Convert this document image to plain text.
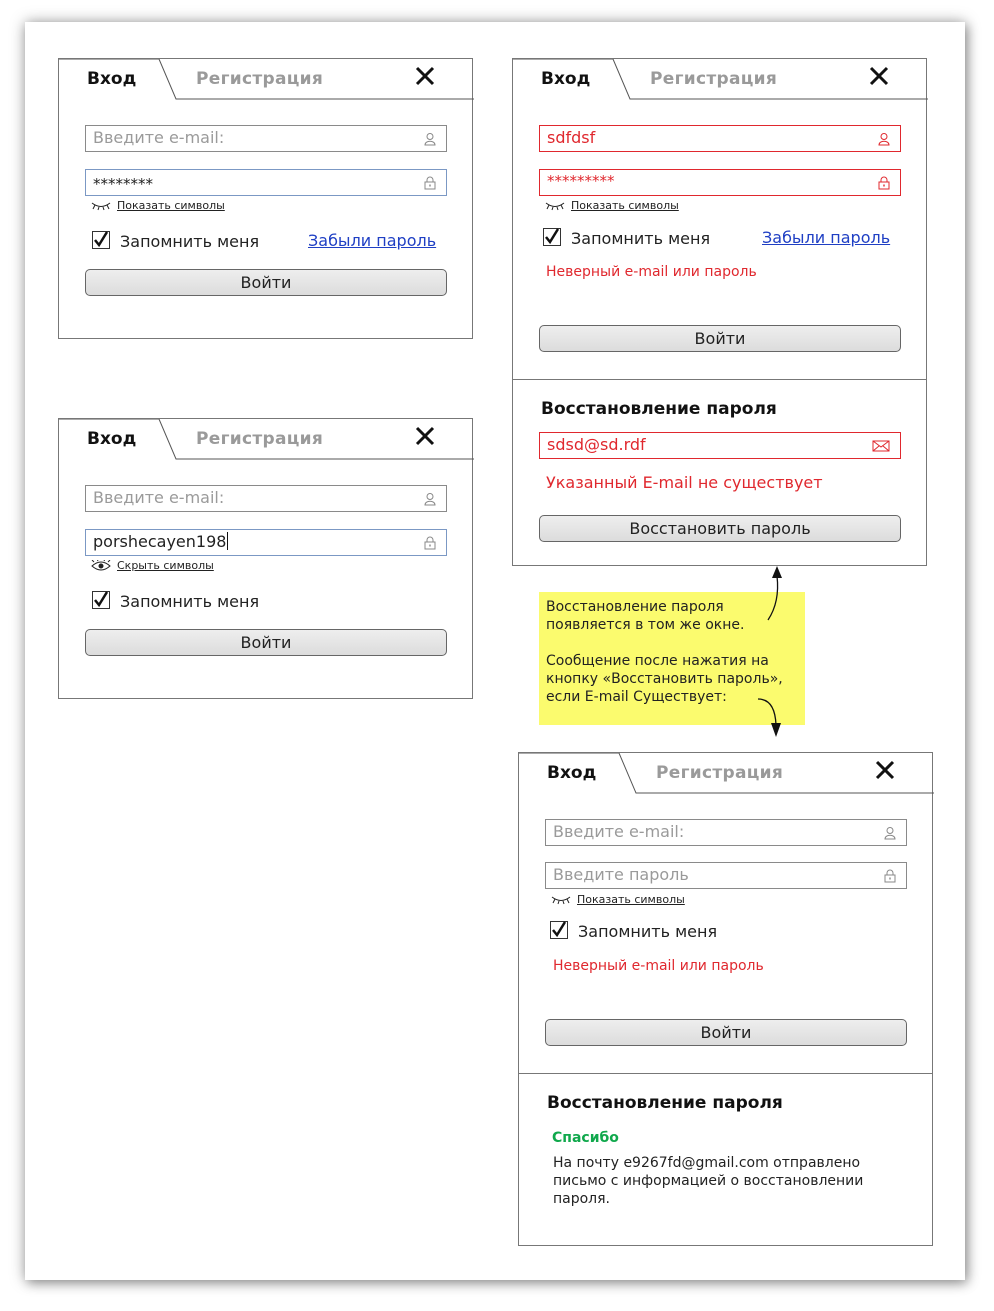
Вход	Регистрация
Введите e-mail:
********
Показать символы
Запомнить меня	Забыли пароль
Войти
Вход	Регистрация
sdfdsf
*********
Показать символы
Запомнить меня	Забыли пароль
Неверный e-mail или пароль
Войти
Восстановление пароля
sdsd@sd.rdf
Указанный E-mail не существует
Восстановить пароль
Вход	Регистрация
Введите e-mail:
porshecayen198
Скрыть символы
Запомнить меня
Войти

Восстановление пароля

появляется в том же окне.

Сообщение после нажатия на

кнопку «Восстановить пароль»,

если E-mail Существует:

Вход	Регистрация
Введите e-mail:
Введите пароль
Показать символы
Запомнить меня
Неверный e-mail или пароль
Войти
Восстановление пароля
Спасибо
На почту e9267fd@gmail.com отправлено
письмо с информацией о восстановлении
пароля.
